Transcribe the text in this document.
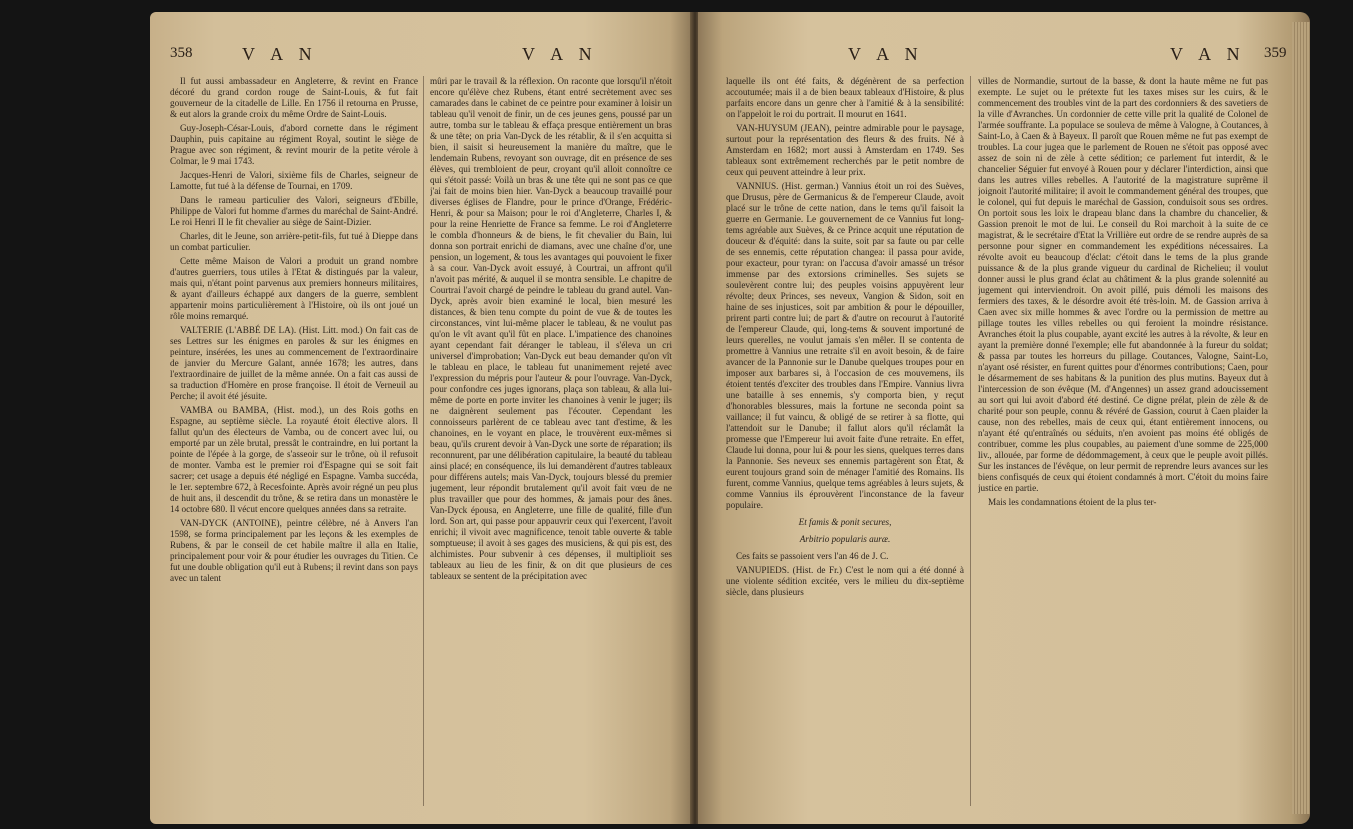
358	V A N	V A N

Il fut aussi ambassadeur en Angleterre, & revint en France décoré du grand cordon rouge de Saint-Louis, & fut fait gouverneur de la citadelle de Lille. En 1756 il retourna en Prusse, & eut alors la grande croix du même Ordre de Saint-Louis.

Guy-Joseph-César-Louis, d'abord cornette dans le régiment Dauphin, puis capitaine au régiment Royal, soutint le siège de Prague avec son régiment, & revint mourir de la petite vérole à Colmar, le 9 mai 1743.

Jacques-Henri de Valori, sixième fils de Charles, seigneur de Lamotte, fut tué à la défense de Tournai, en 1709.

Dans le rameau particulier des Valori, seigneurs d'Ebille, Philippe de Valori fut homme d'armes du maréchal de Saint-André. Le roi Henri II le fit chevalier au siège de Saint-Dizier.

Charles, dit le Jeune, son arrière-petit-fils, fut tué à Dieppe dans un combat particulier.

Cette même Maison de Valori a produit un grand nombre d'autres guerriers, tous utiles à l'Etat & distingués par la valeur, mais qui, n'étant point parvenus aux premiers honneurs militaires, & ayant d'ailleurs échappé aux dangers de la guerre, semblent appartenir moins particulièrement à l'Histoire, où ils ont joué un rôle moins remarqué.

VALTERIE (L'ABBÉ DE LA). (Hist. Litt. mod.) On fait cas de ses Lettres sur les énigmes en paroles & sur les énigmes en peinture, insérées, les unes au commencement de l'extraordinaire de janvier du Mercure Galant, année 1678; les autres, dans l'extraordinaire de juillet de la même année. On a fait cas aussi de sa traduction d'Homère en prose françoise. Il étoit de Verneuil au Perche; il avoit été jésuite.

VAMBA ou BAMBA, (Hist. mod.), un des Rois goths en Espagne, au septième siècle. La royauté étoit élective alors. Il fallut qu'un des électeurs de Vamba, ou de concert avec lui, ou emporté par un zèle brutal, pressât le contraindre, en lui portant la pointe de l'épée à la gorge, de s'asseoir sur le trône, où il refusoit de monter. Vamba est le premier roi d'Espagne qui se soit fait sacrer; cet usage a depuis été négligé en Espagne. Vamba succéda, le 1er. septembre 672, à Recesfointe. Après avoir régné un peu plus de huit ans, il descendit du trône, & se retira dans un monastère le 14 octobre 680. Il vécut encore quelques années dans sa retraite.

VAN-DYCK (ANTOINE), peintre célèbre, né à Anvers l'an 1598, se forma principalement par les leçons & les exemples de Rubens, & par le conseil de cet habile maître il alla en Italie, principalement pour voir & pour étudier les ouvrages du Titien. Ce fut une double obligation qu'il eut à Rubens; il revint dans son pays avec un talent

mûri par le travail & la réflexion. On raconte que lorsqu'il n'étoit encore qu'élève chez Rubens, étant entré secrètement avec ses camarades dans le cabinet de ce peintre pour examiner à loisir un tableau qu'il venoit de finir, un de ces jeunes gens, poussé par un autre, tomba sur le tableau & effaça presque entièrement un bras & une tête; on pria Van-Dyck de les rétablir, & il s'en acquitta si bien, il saisit si heureusement la manière du maître, que le lendemain Rubens, revoyant son ouvrage, dit en présence de ses élèves, qui trembloient de peur, croyant qu'il alloit connoître ce qui s'étoit passé: Voilà un bras & une tête qui ne sont pas ce que j'ai fait de moins bien hier. Van-Dyck a beaucoup travaillé pour diverses églises de Flandre, pour le prince d'Orange, Frédéric-Henri, & pour sa Maison; pour le roi d'Angleterre, Charles I, & pour la reine Henriette de France sa femme. Le roi d'Angleterre le combla d'honneurs & de biens, le fit chevalier du Bain, lui donna son portrait enrichi de diamans, avec une chaîne d'or, une pension, un logement, & tous les avantages qui pouvoient le fixer à sa cour. Van-Dyck avoit essuyé, à Courtrai, un affront qu'il n'avoit pas mérité, & auquel il se montra sensible. Le chapitre de Courtrai l'avoit chargé de peindre le tableau du grand autel. Van-Dyck, après avoir bien examiné le local, bien mesuré les distances, & bien tenu compte du point de vue & de toutes les circonstances, vint lui-même placer le tableau, & ne voulut pas qu'on le vît avant qu'il fût en place. L'impatience des chanoines ayant cependant fait déranger le tableau, il s'éleva un cri universel d'improbation; Van-Dyck eut beau demander qu'on vît le tableau en place, le tableau fut unanimement rejeté avec l'expression du mépris pour l'auteur & pour l'ouvrage. Van-Dyck, pour confondre ces juges ignorans, plaça son tableau, & alla lui-même de porte en porte inviter les chanoines à venir le juger; ils ne daignèrent seulement pas l'écouter. Cependant les connoisseurs parlèrent de ce tableau avec tant d'estime, & les chanoines, en le voyant en place, le trouvèrent eux-mêmes si beau, qu'ils crurent devoir à Van-Dyck une sorte de réparation; ils reconnurent, par une délibération capitulaire, la beauté du tableau ainsi placé; en conséquence, ils lui demandèrent d'autres tableaux pour différens autels; mais Van-Dyck, toujours blessé du premier jugement, leur répondit brutalement qu'il avoit fait vœu de ne plus travailler que pour des hommes, & jamais pour des ânes. Van-Dyck épousa, en Angleterre, une fille de qualité, fille d'un lord. Son art, qui passe pour appauvrir ceux qui l'exercent, l'avoit enrichi; il vivoit avec magnificence, tenoit table ouverte & table somptueuse; il avoit à ses gages des musiciens, & qui pis est, des alchimistes. Pour subvenir à ces dépenses, il multiplioit ses tableaux au lieu de les finir, & on dit que plusieurs de ces tableaux se sentent de la précipitation avec

V A N	V A N 359

laquelle ils ont été faits, & dégénèrent de sa perfection accoutumée; mais il a de bien beaux tableaux d'Histoire, & plus parfaits encore dans un genre cher à l'amitié & à la sensibilité: on l'appeloit le roi du portrait. Il mourut en 1641.

VAN-HUYSUM (JEAN), peintre admirable pour le paysage, surtout pour la représentation des fleurs & des fruits. Né à Amsterdam en 1682; mort aussi à Amsterdam en 1749. Ses tableaux sont extrêmement recherchés par le petit nombre de ceux qui peuvent atteindre à leur prix.

VANNIUS. (Hist. german.) Vannius étoit un roi des Suèves, que Drusus, père de Germanicus & de l'empereur Claude, avoit placé sur le trône de cette nation, dans le tems qu'il faisoit la guerre en Germanie. Le gouvernement de ce Vannius fut long-tems agréable aux Suèves, & ce Prince acquit une réputation de douceur & d'équité: dans la suite, soit par sa faute ou par celle de ses ennemis, cette réputation changea: il passa pour avide, pour exacteur, pour tyran: on l'accusa d'avoir amassé un trésor immense par des extorsions criminelles. Ses sujets se soulevèrent contre lui; des peuples voisins appuyèrent leur révolte; deux Princes, ses neveux, Vangion & Sidon, soit en haine de ses injustices, soit par ambition & pour le dépouiller, prirent parti contre lui; de part & d'autre on recourut à l'autorité de l'empereur Claude, qui, long-tems & souvent importuné de leurs querelles, ne voulut jamais s'en mêler. Il se contenta de promettre à Vannius une retraite s'il en avoit besoin, & de faire avancer de la Pannonie sur le Danube quelques troupes pour en imposer aux barbares si, à l'occasion de ces mouvemens, ils étoient tentés d'exciter des troubles dans l'Empire. Vannius livra une bataille à ses ennemis, s'y comporta bien, y reçut d'honorables blessures, mais la fortune ne seconda point sa vaillance; il fut vaincu, & obligé de se retirer à sa flotte, qui l'attendoit sur le Danube; il fallut alors qu'il réclamât la promesse que l'Empereur lui avoit faite d'une retraite. En effet, Claude lui donna, pour lui & pour les siens, quelques terres dans la Pannonie. Ses neveux ses ennemis partagèrent son État, & eurent toujours grand soin de ménager l'amitié des Romains. Ils furent, comme Vannius, quelque tems agréables à leurs sujets, & comme Vannius ils éprouvèrent l'inconstance de la faveur populaire.

Et famis & ponit secures,

Arbitrio popularis auræ.

Ces faits se passoient vers l'an 46 de J. C.

VANUPIEDS. (Hist. de Fr.) C'est le nom qui a été donné à une violente sédition excitée, vers le milieu du dix-septième siècle, dans plusieurs

villes de Normandie, surtout de la basse, & dont la haute même ne fut pas exempte. Le sujet ou le prétexte fut les taxes mises sur les cuirs, & le commencement des troubles vint de la part des cordonniers & des savetiers de la ville d'Avranches. Un cordonnier de cette ville prit la qualité de Colonel de l'armée souffrante. La populace se souleva de même à Valogne, à Coutances, à Saint-Lo, à Caen & à Bayeux. Il paroît que Rouen même ne fut pas exempt de troubles. La cour jugea que le parlement de Rouen ne s'étoit pas opposé avec assez de soin ni de zèle à cette sédition; ce parlement fut interdit, & le chancelier Séguier fut envoyé à Rouen pour y déclarer l'interdiction, ainsi que dans les autres villes rebelles. A l'autorité de la magistrature suprême il joignoit l'autorité militaire; il avoit le commandement général des troupes, que le colonel, qui fut depuis le maréchal de Gassion, conduisoit sous ses ordres. On portoit sous les loix le drapeau blanc dans la chambre du chancelier, & Gassion prenoit le mot de lui. Le conseil du Roi marchoit à la suite de ce magistrat, & le secrétaire d'Etat la Vrillière eut ordre de se rendre auprès de sa personne pour signer en commandement les expéditions nécessaires. La révolte avoit eu beaucoup d'éclat: c'étoit dans le tems de la plus grande puissance & de la plus grande vigueur du cardinal de Richelieu; il voulut donner aussi le plus grand éclat au châtiment & la plus grande solennité au jugement qui interviendroit. On avoit pillé, puis démoli les maisons des fermiers des taxes, & le désordre avoit été très-loin. M. de Gassion arriva à Caen avec six mille hommes & avec l'ordre ou la permission de mettre au pillage toutes les villes rebelles ou qui feroient la moindre résistance. Avranches étoit la plus coupable, ayant excité les autres à la révolte, & leur en ayant la première donné l'exemple; elle fut abandonnée à la fureur du soldat; & passa par toutes les horreurs du pillage. Coutances, Valogne, Saint-Lo, n'ayant osé résister, en furent quittes pour d'énormes contributions; Caen, pour le désarmement de ses habitans & la punition des plus mutins. Bayeux dut à l'intercession de son évêque (M. d'Angennes) un assez grand adoucissement au sort qui lui avoit d'abord été destiné. Ce digne prélat, plein de zèle & de charité pour son peuple, connu & révéré de Gassion, courut à Caen plaider la cause, non des rebelles, mais de ceux qui, étant entièrement innocens, ou n'ayant été qu'entraînés ou séduits, n'en avoient pas moins été obligés de contribuer, comme les plus coupables, au paiement d'une somme de 225,000 liv., allouée, par forme de dédommagement, à ceux que le peuple avoit pillés. Sur les instances de l'évêque, on leur permit de reprendre leurs avances sur les biens confisqués de ceux qui étoient condamnés à mort. C'étoit du moins faire justice en partie.

Mais les condamnations étoient de la plus ter-
